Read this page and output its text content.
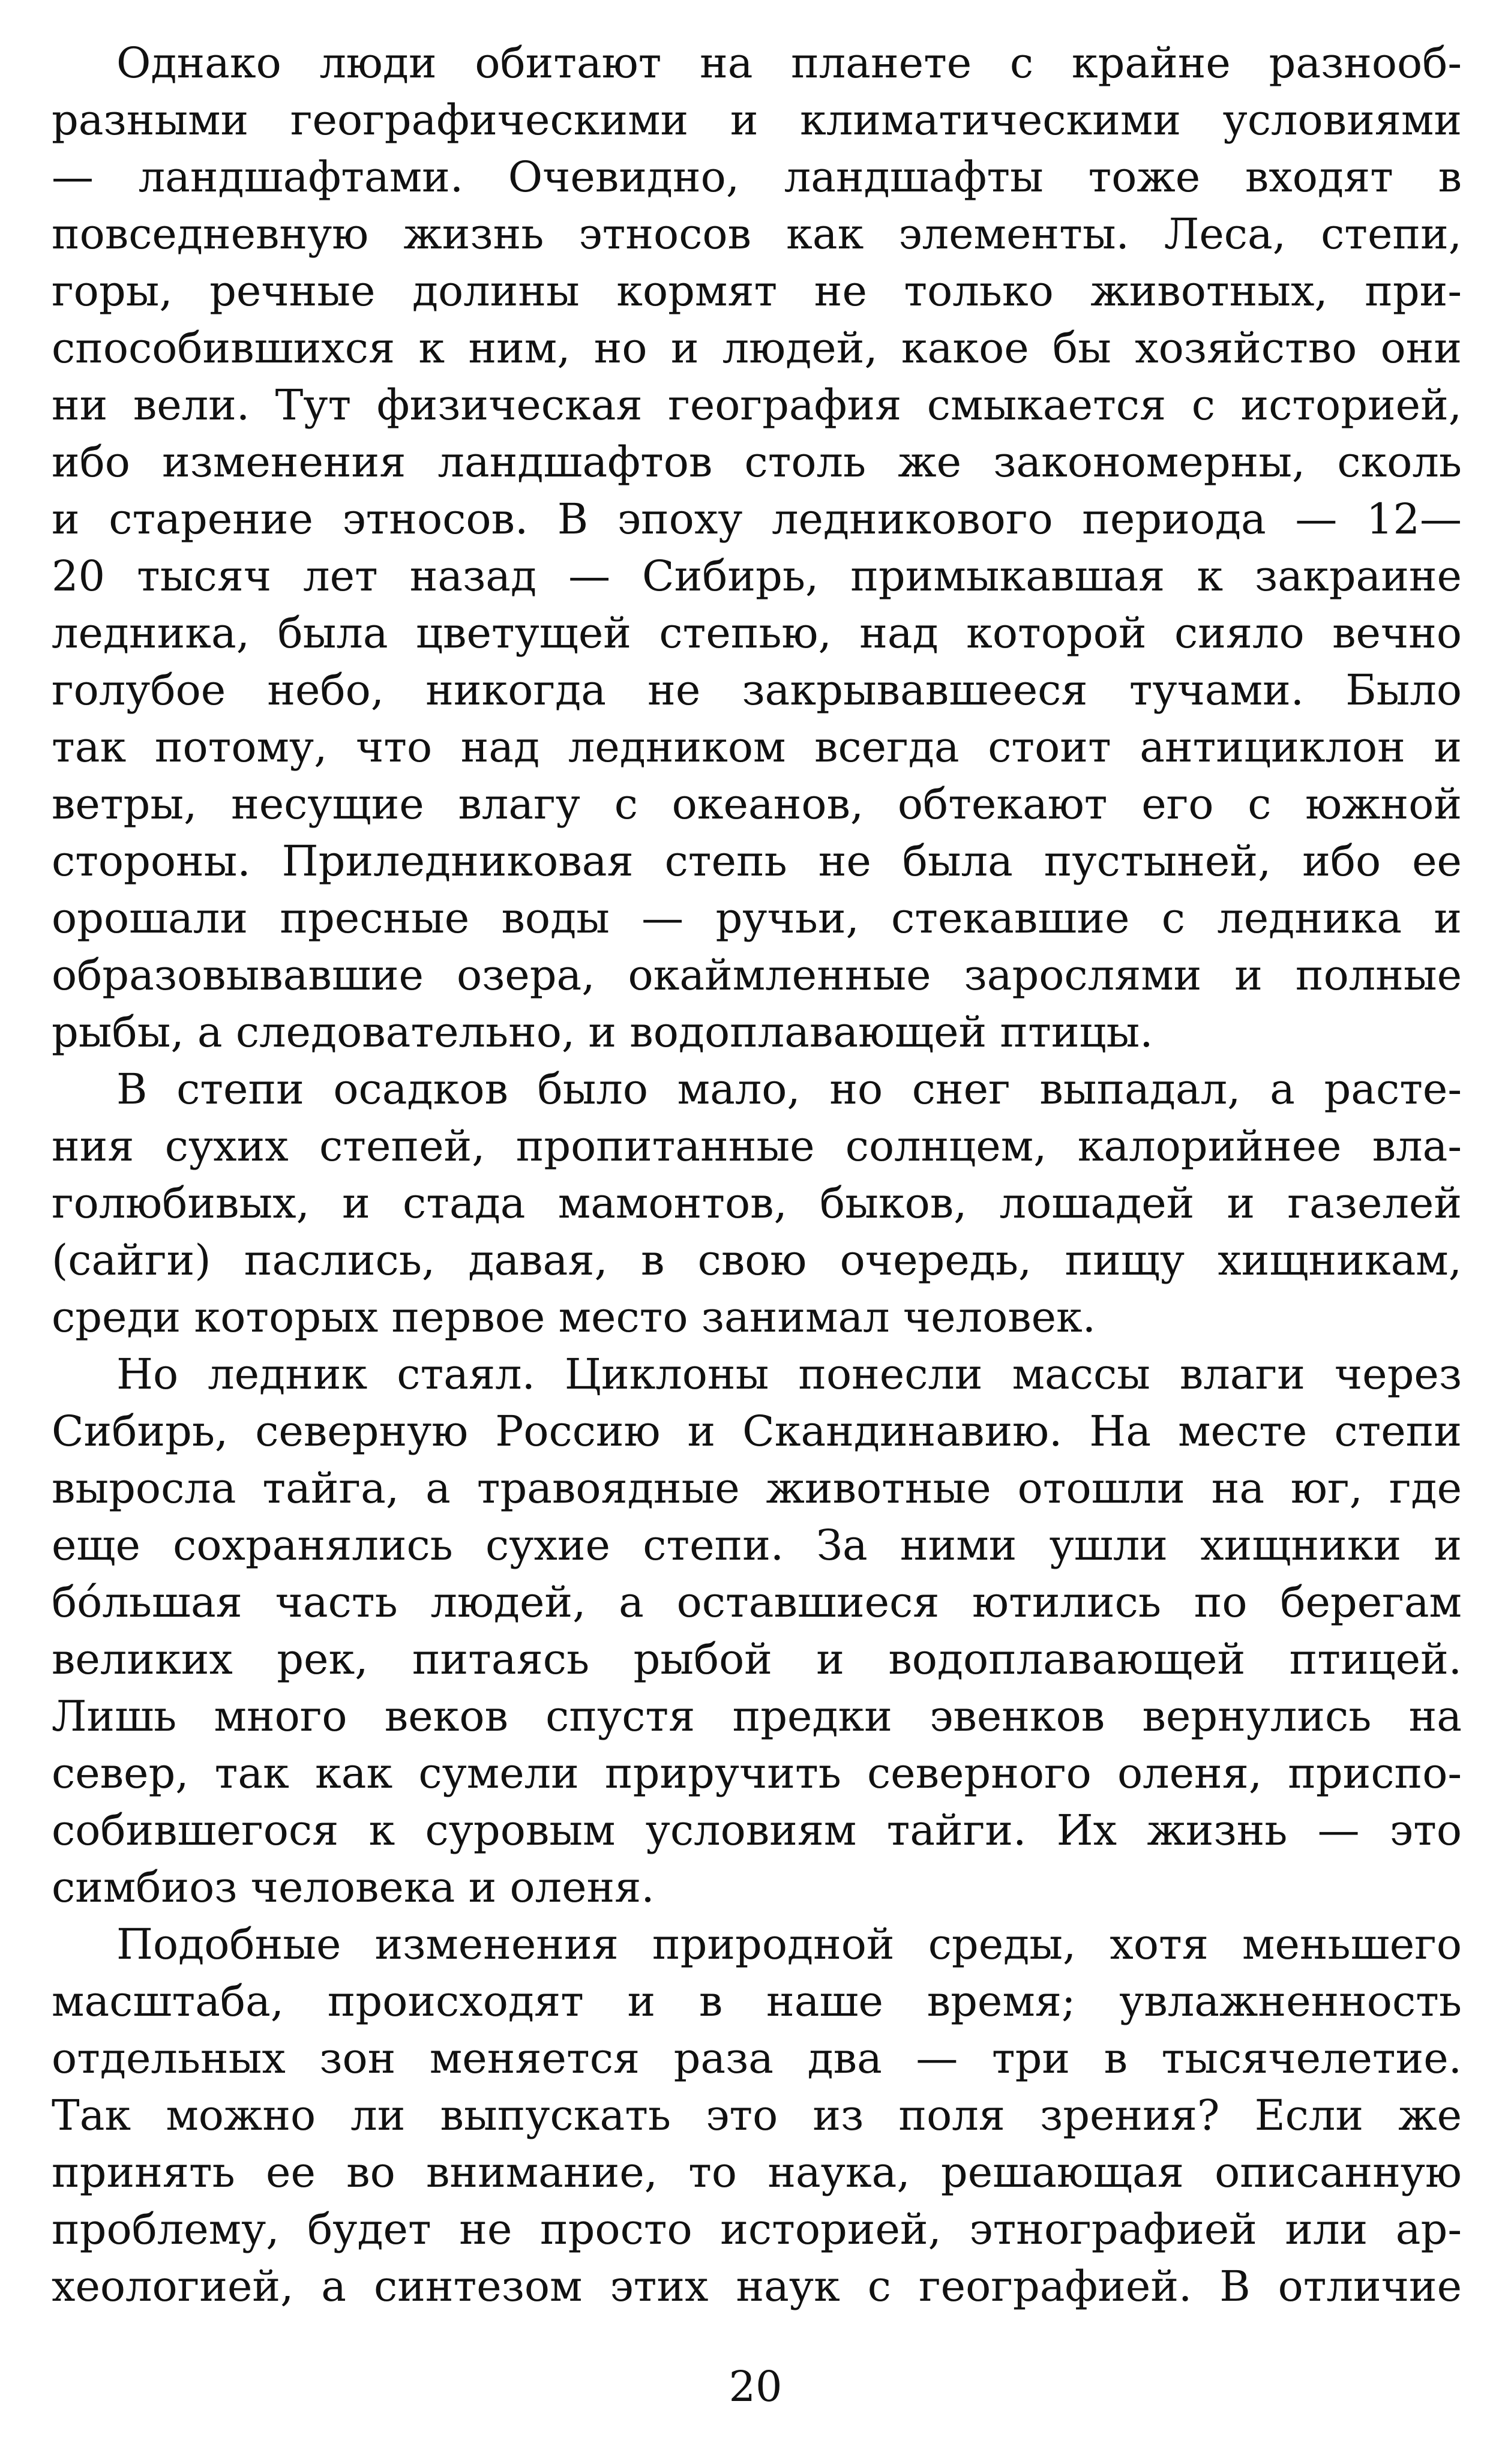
Однако люди обитают на планете с крайне разнооб-
разными географическими и климатическими условиями
— ландшафтами. Очевидно, ландшафты тоже входят в
повседневную жизнь этносов как элементы. Леса, степи,
горы, речные долины кормят не только животных, при-
способившихся к ним, но и людей, какое бы хозяйство они
ни вели. Тут физическая география смыкается с историей,
ибо изменения ландшафтов столь же закономерны, сколь
и старение этносов. В эпоху ледникового периода — 12—
20 тысяч лет назад — Сибирь, примыкавшая к закраине
ледника, была цветущей степью, над которой сияло вечно
голубое небо, никогда не закрывавшееся тучами. Было
так потому, что над ледником всегда стоит антициклон и
ветры, несущие влагу с океанов, обтекают его с южной
стороны. Приледниковая степь не была пустыней, ибо ее
орошали пресные воды — ручьи, стекавшие с ледника и
образовывавшие озера, окаймленные зарослями и полные
рыбы, а следовательно, и водоплавающей птицы.
В степи осадков было мало, но снег выпадал, а расте-
ния сухих степей, пропитанные солнцем, калорийнее вла-
голюбивых, и стада мамонтов, быков, лошадей и газелей
(сайги) паслись, давая, в свою очередь, пищу хищникам,
среди которых первое место занимал человек.
Но ледник стаял. Циклоны понесли массы влаги через
Сибирь, северную Россию и Скандинавию. На месте степи
выросла тайга, а травоядные животные отошли на юг, где
еще сохранялись сухие степи. За ними ушли хищники и
бóльшая часть людей, а оставшиеся ютились по берегам
великих рек, питаясь рыбой и водоплавающей птицей.
Лишь много веков спустя предки эвенков вернулись на
север, так как сумели приручить северного оленя, приспо-
собившегося к суровым условиям тайги. Их жизнь — это
симбиоз человека и оленя.
Подобные изменения природной среды, хотя меньшего
масштаба, происходят и в наше время; увлажненность
отдельных зон меняется раза два — три в тысячелетие.
Так можно ли выпускать это из поля зрения? Если же
принять ее во внимание, то наука, решающая описанную
проблему, будет не просто историей, этнографией или ар-
хеологией, а синтезом этих наук с географией. В отличие
20
